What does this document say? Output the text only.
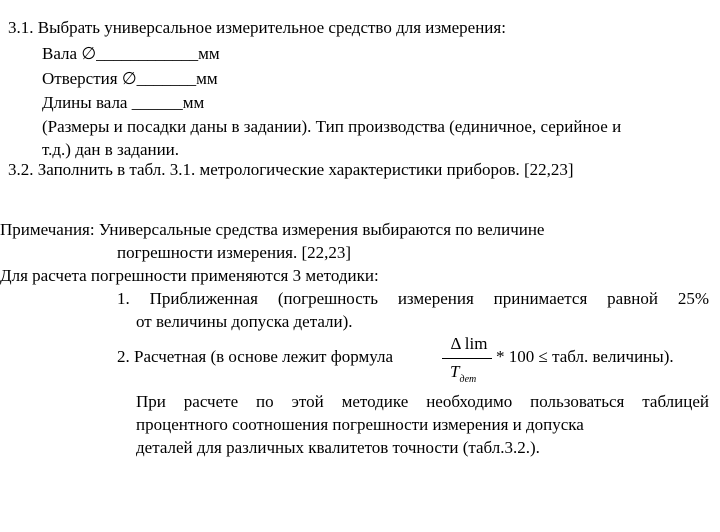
3.1. Выбрать универсальное измерительное средство для измерения:
Вала ∅____________мм
Отверстия ∅_______мм
Длины вала ______мм
(Размеры и посадки даны в задании). Тип производства (единичное, серийное и
т.д.) дан в задании.
3.2. Заполнить в табл. 3.1. метрологические характеристики приборов. [22,23]
Примечания: Универсальные средства измерения выбираются по величине
погрешности измерения. [22,23]
Для расчета погрешности применяются 3 методики:
1. Приближенная (погрешность измерения принимается равной 25%
от величины допуска детали).
2. Расчетная (в основе лежит формула
Δ lim
$T_{дет}$
* 100 ≤ табл. величины).
При расчете по этой методике необходимо пользоваться таблицей
процентного соотношения погрешности измерения и допуска
деталей для различных квалитетов точности (табл.3.2.).
